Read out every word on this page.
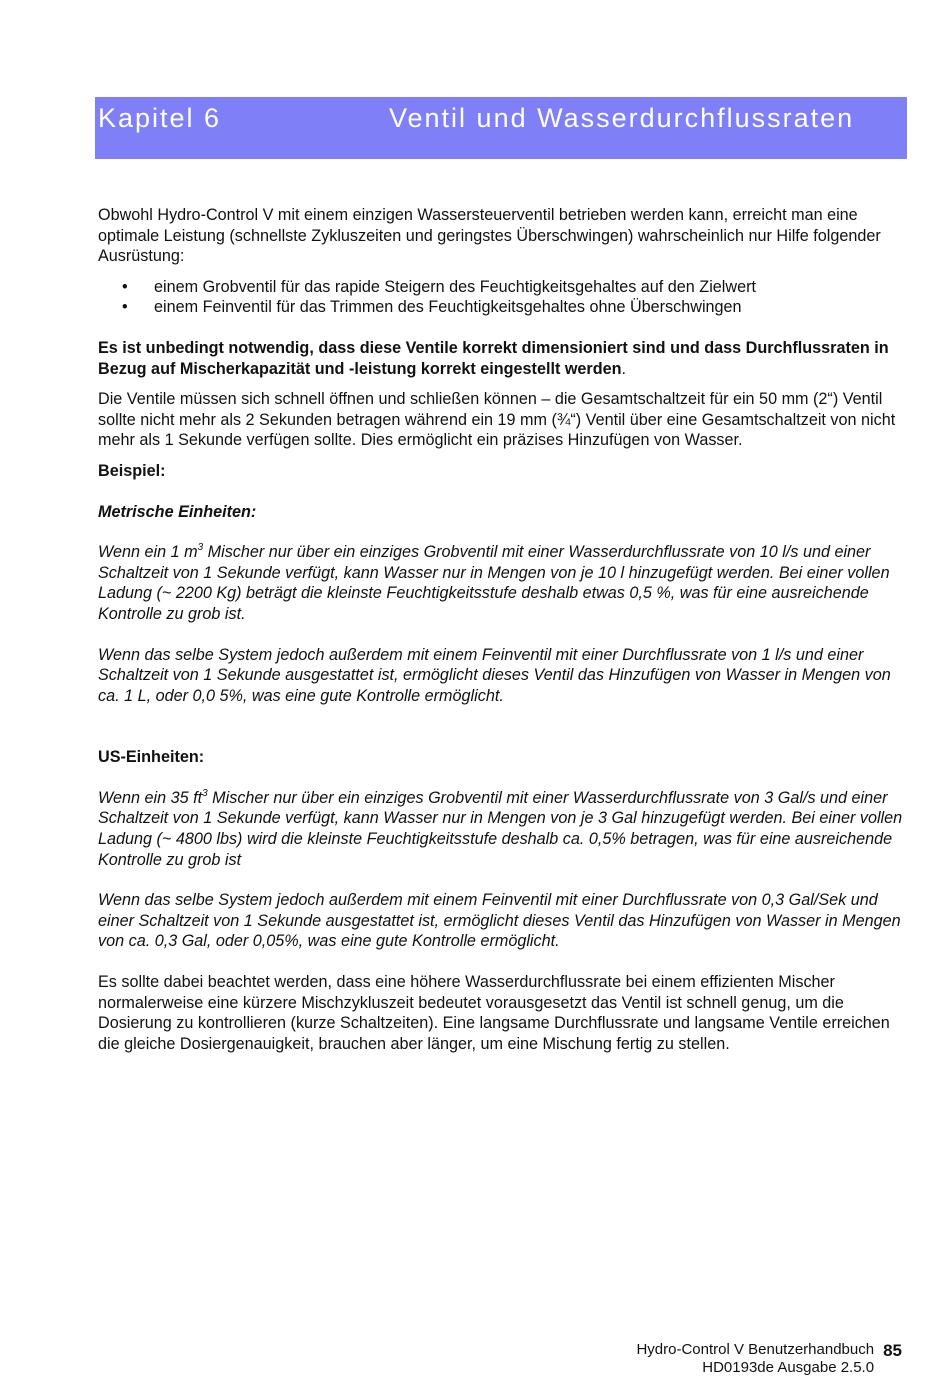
Kapitel 6	Ventil und Wasserdurchflussraten

Obwohl Hydro-Control V mit einem einzigen Wassersteuerventil betrieben werden kann, erreicht man eine optimale Leistung (schnellste Zykluszeiten und geringstes Überschwingen) wahrscheinlich nur Hilfe folgender Ausrüstung:

• einem Grobventil für das rapide Steigern des Feuchtigkeitsgehaltes auf den Zielwert
• einem Feinventil für das Trimmen des Feuchtigkeitsgehaltes ohne Überschwingen

Es ist unbedingt notwendig, dass diese Ventile korrekt dimensioniert sind und dass Durchflussraten in Bezug auf Mischerkapazität und -leistung korrekt eingestellt werden.

Die Ventile müssen sich schnell öffnen und schließen können – die Gesamtschaltzeit für ein 50 mm (2“) Ventil sollte nicht mehr als 2 Sekunden betragen während ein 19 mm (¾“) Ventil über eine Gesamtschaltzeit von nicht mehr als 1 Sekunde verfügen sollte. Dies ermöglicht ein präzises Hinzufügen von Wasser.

Beispiel:

Metrische Einheiten:

Wenn ein 1 $m^3$ Mischer nur über ein einziges Grobventil mit einer Wasserdurchflussrate von 10 l/s und einer Schaltzeit von 1 Sekunde verfügt, kann Wasser nur in Mengen von je 10 l hinzugefügt werden. Bei einer vollen Ladung (~ 2200 Kg) beträgt die kleinste Feuchtigkeitsstufe deshalb etwas 0,5 %, was für eine ausreichende Kontrolle zu grob ist.

Wenn das selbe System jedoch außerdem mit einem Feinventil mit einer Durchflussrate von 1 l/s und einer Schaltzeit von 1 Sekunde ausgestattet ist, ermöglicht dieses Ventil das Hinzufügen von Wasser in Mengen von ca. 1 L, oder 0,0 5%, was eine gute Kontrolle ermöglicht.

US-Einheiten:

Wenn ein 35 $ft^3$ Mischer nur über ein einziges Grobventil mit einer Wasserdurchflussrate von 3 Gal/s und einer Schaltzeit von 1 Sekunde verfügt, kann Wasser nur in Mengen von je 3 Gal hinzugefügt werden. Bei einer vollen Ladung (~ 4800 lbs) wird die kleinste Feuchtigkeitsstufe deshalb ca. 0,5% betragen, was für eine ausreichende Kontrolle zu grob ist

Wenn das selbe System jedoch außerdem mit einem Feinventil mit einer Durchflussrate von 0,3 Gal/Sek und einer Schaltzeit von 1 Sekunde ausgestattet ist, ermöglicht dieses Ventil das Hinzufügen von Wasser in Mengen von ca. 0,3 Gal, oder 0,05%, was eine gute Kontrolle ermöglicht.

Es sollte dabei beachtet werden, dass eine höhere Wasserdurchflussrate bei einem effizienten Mischer normalerweise eine kürzere Mischzykluszeit bedeutet vorausgesetzt das Ventil ist schnell genug, um die Dosierung zu kontrollieren (kurze Schaltzeiten). Eine langsame Durchflussrate und langsame Ventile erreichen die gleiche Dosiergenauigkeit, brauchen aber länger, um eine Mischung fertig zu stellen.

Hydro-Control V Benutzerhandbuch
HD0193de Ausgabe 2.5.085
